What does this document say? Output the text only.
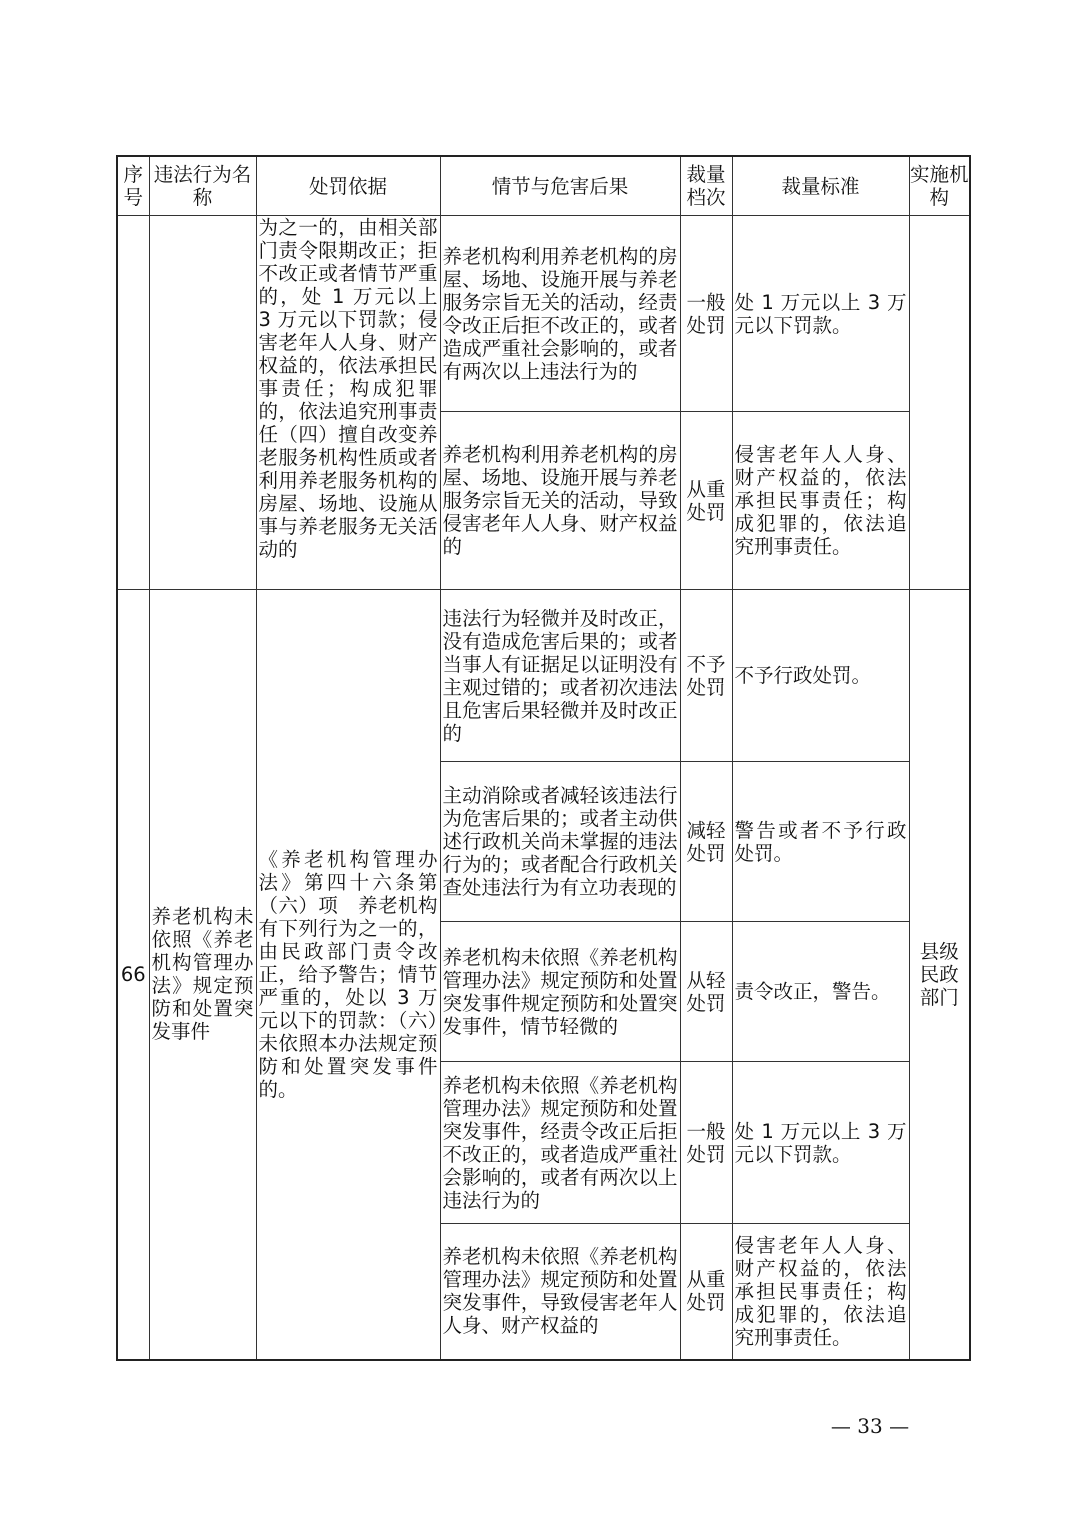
序号	违法行为名称	处罚依据	情节与危害后果	裁量档次	裁量标准	实施机构
		为之一的，由相关部门责令限期改正；拒不改正或者情节严重的，处 1 万元以上 3 万元以下罚款；侵害老年人人身、财产权益的，依法承担民事责任；构成犯罪的，依法追究刑事责任（四）擅自改变养老服务机构性质或者利用养老服务机构的房屋、场地、设施从事与养老服务无关活动的	养老机构利用养老机构的房屋、场地、设施开展与养老服务宗旨无关的活动，经责令改正后拒不改正的，或者造成严重社会影响的，或者有两次以上违法行为的	一般处罚	处 1 万元以上 3 万元以下罚款。	
			养老机构利用养老机构的房屋、场地、设施开展与养老服务宗旨无关的活动，导致侵害老年人人身、财产权益的	从重处罚	侵害老年人人身、财产权益的，依法承担民事责任；构成犯罪的，依法追究刑事责任。	
66	养老机构未依照《养老机构管理办法》规定预防和处置突发事件	《养老机构管理办法》第四十六条第（六）项　养老机构有下列行为之一的，由民政部门责令改正，给予警告；情节严重的，处以 3 万元以下的罚款：（六）未依照本办法规定预防和处置突发事件的。	违法行为轻微并及时改正，没有造成危害后果的；或者当事人有证据足以证明没有主观过错的；或者初次违法且危害后果轻微并及时改正的	不予处罚	不予行政处罚。	县级民政部门
			主动消除或者减轻该违法行为危害后果的；或者主动供述行政机关尚未掌握的违法行为的；或者配合行政机关查处违法行为有立功表现的	减轻处罚	警告或者不予行政处罚。	
			养老机构未依照《养老机构管理办法》规定预防和处置突发事件规定预防和处置突发事件，情节轻微的	从轻处罚	责令改正，警告。	
			养老机构未依照《养老机构管理办法》规定预防和处置突发事件，经责令改正后拒不改正的，或者造成严重社会影响的，或者有两次以上违法行为的	一般处罚	处 1 万元以上 3 万元以下罚款。	
			养老机构未依照《养老机构管理办法》规定预防和处置突发事件，导致侵害老年人人身、财产权益的	从重处罚	侵害老年人人身、财产权益的，依法承担民事责任；构成犯罪的，依法追究刑事责任。	
— 33 —
